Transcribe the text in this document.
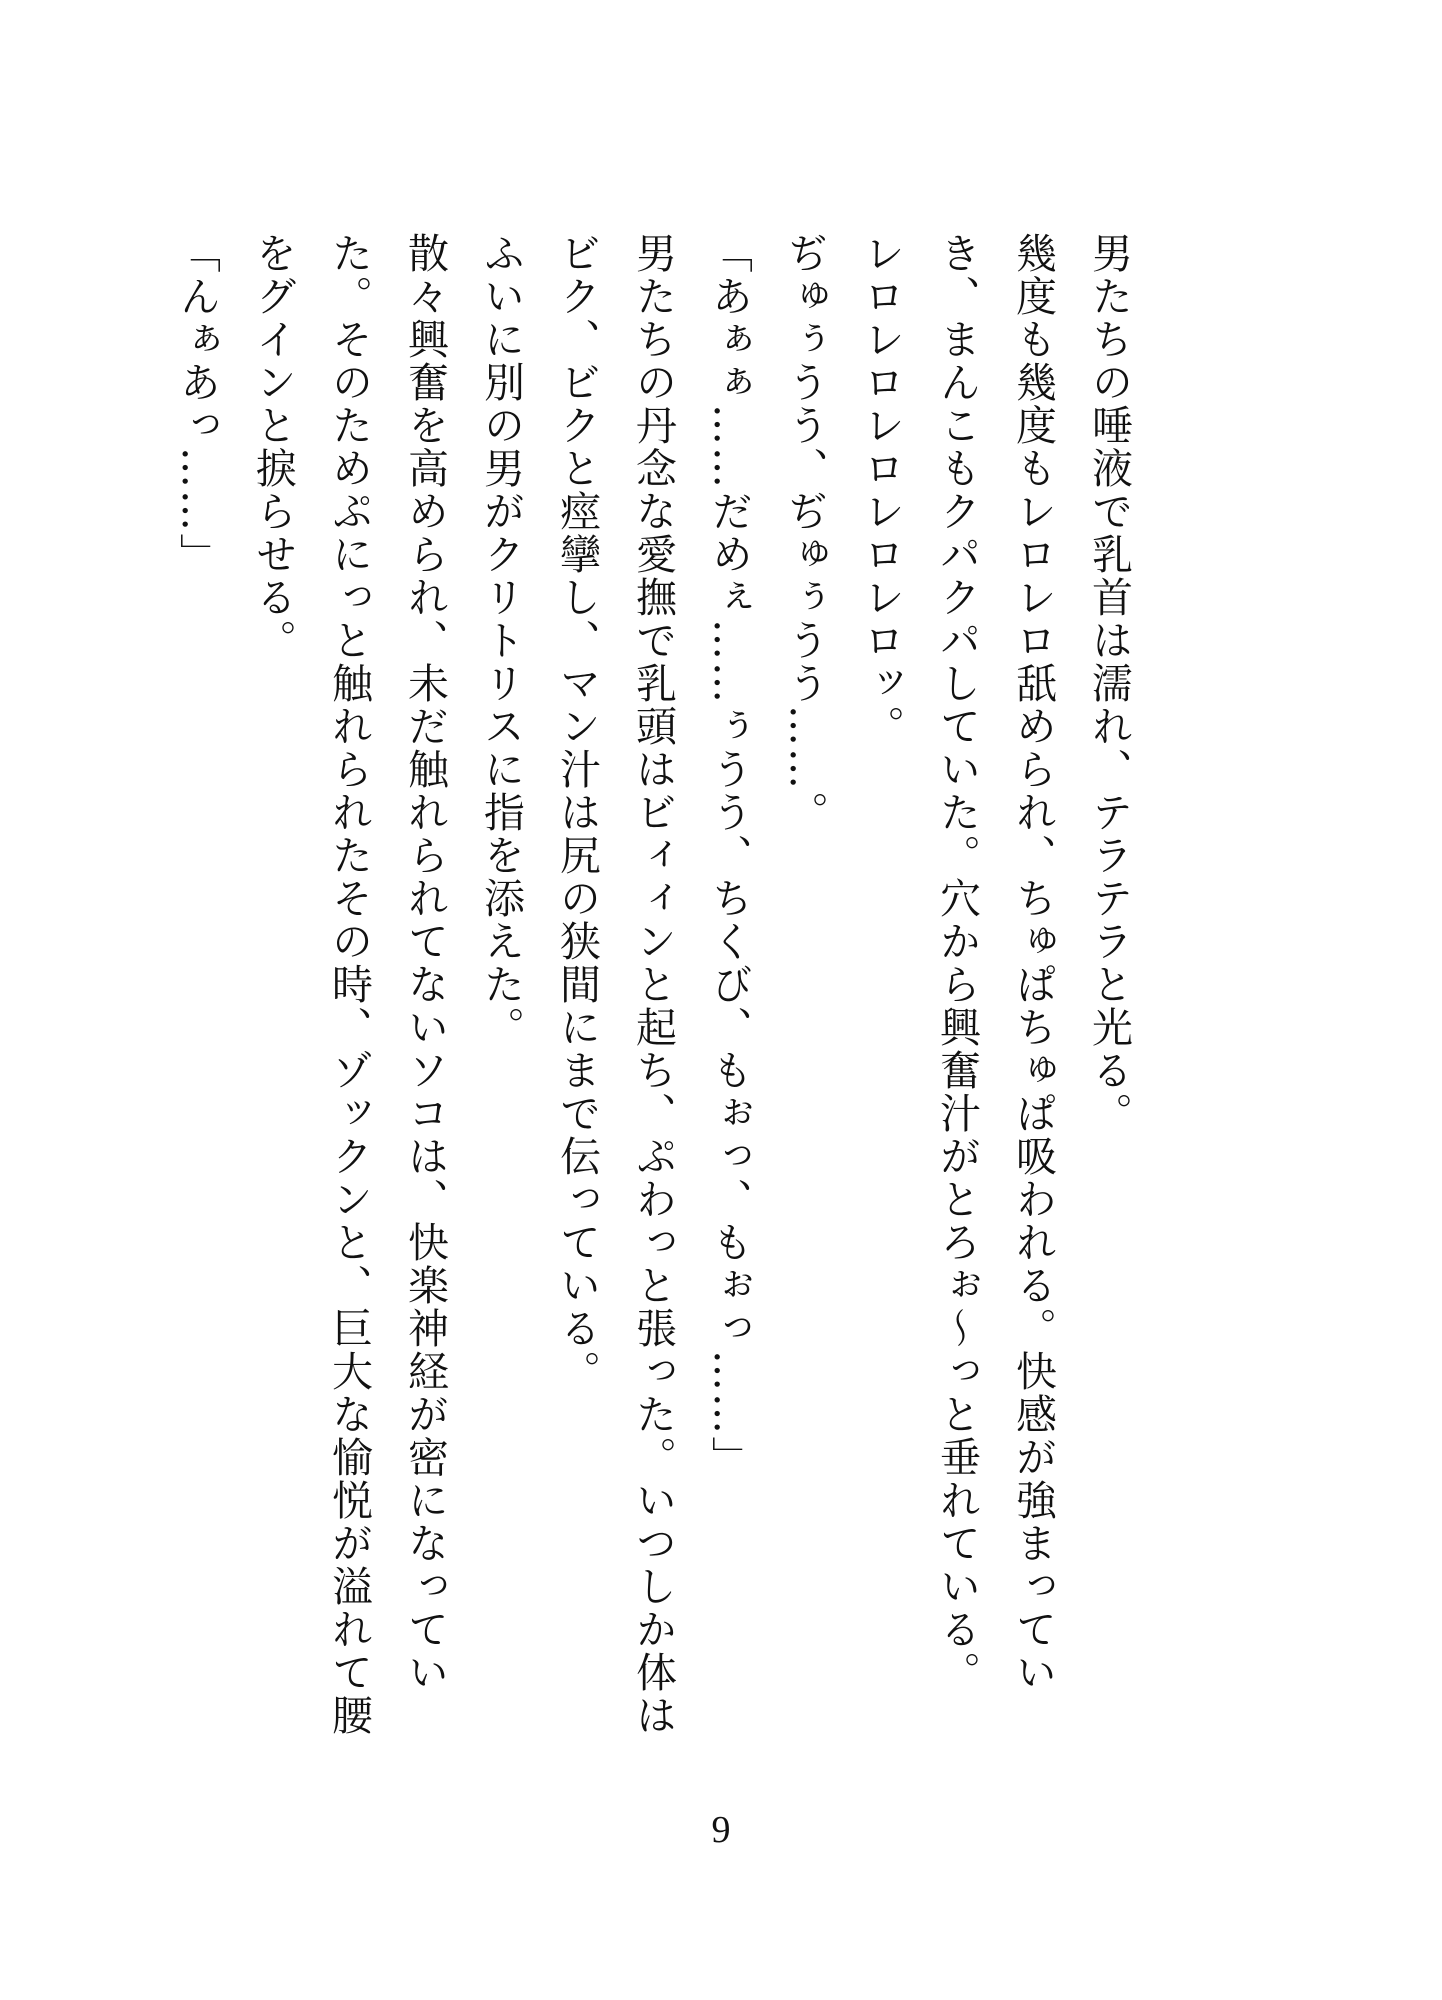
男たちの唾液で乳首は濡れ、テラテラと光る。

幾度も幾度もレロレロ舐められ、ちゅぱちゅぱ吸われる。快感が強まっていき、まんこもクパクパしていた。穴から興奮汁がとろぉ〜っと垂れている。

レロレロレロレロレロッ。

ぢゅぅうう、ぢゅぅうう……。

「あぁぁ……だめぇ……ぅうう、ちくび、もぉっ、もぉっ……」

男たちの丹念な愛撫で乳頭はビィィンと起ち、ぷわっと張った。いつしか体はビク、ビクと痙攣し、マン汁は尻の狭間にまで伝っている。

ふいに別の男がクリトリスに指を添えた。

散々興奮を高められ、未だ触れられてないソコは、快楽神経が密になっていた。そのためぷにっと触れられたその時、ゾックンと、巨大な愉悦が溢れて腰をグインと捩らせる。

「んぁあっ……」

9
